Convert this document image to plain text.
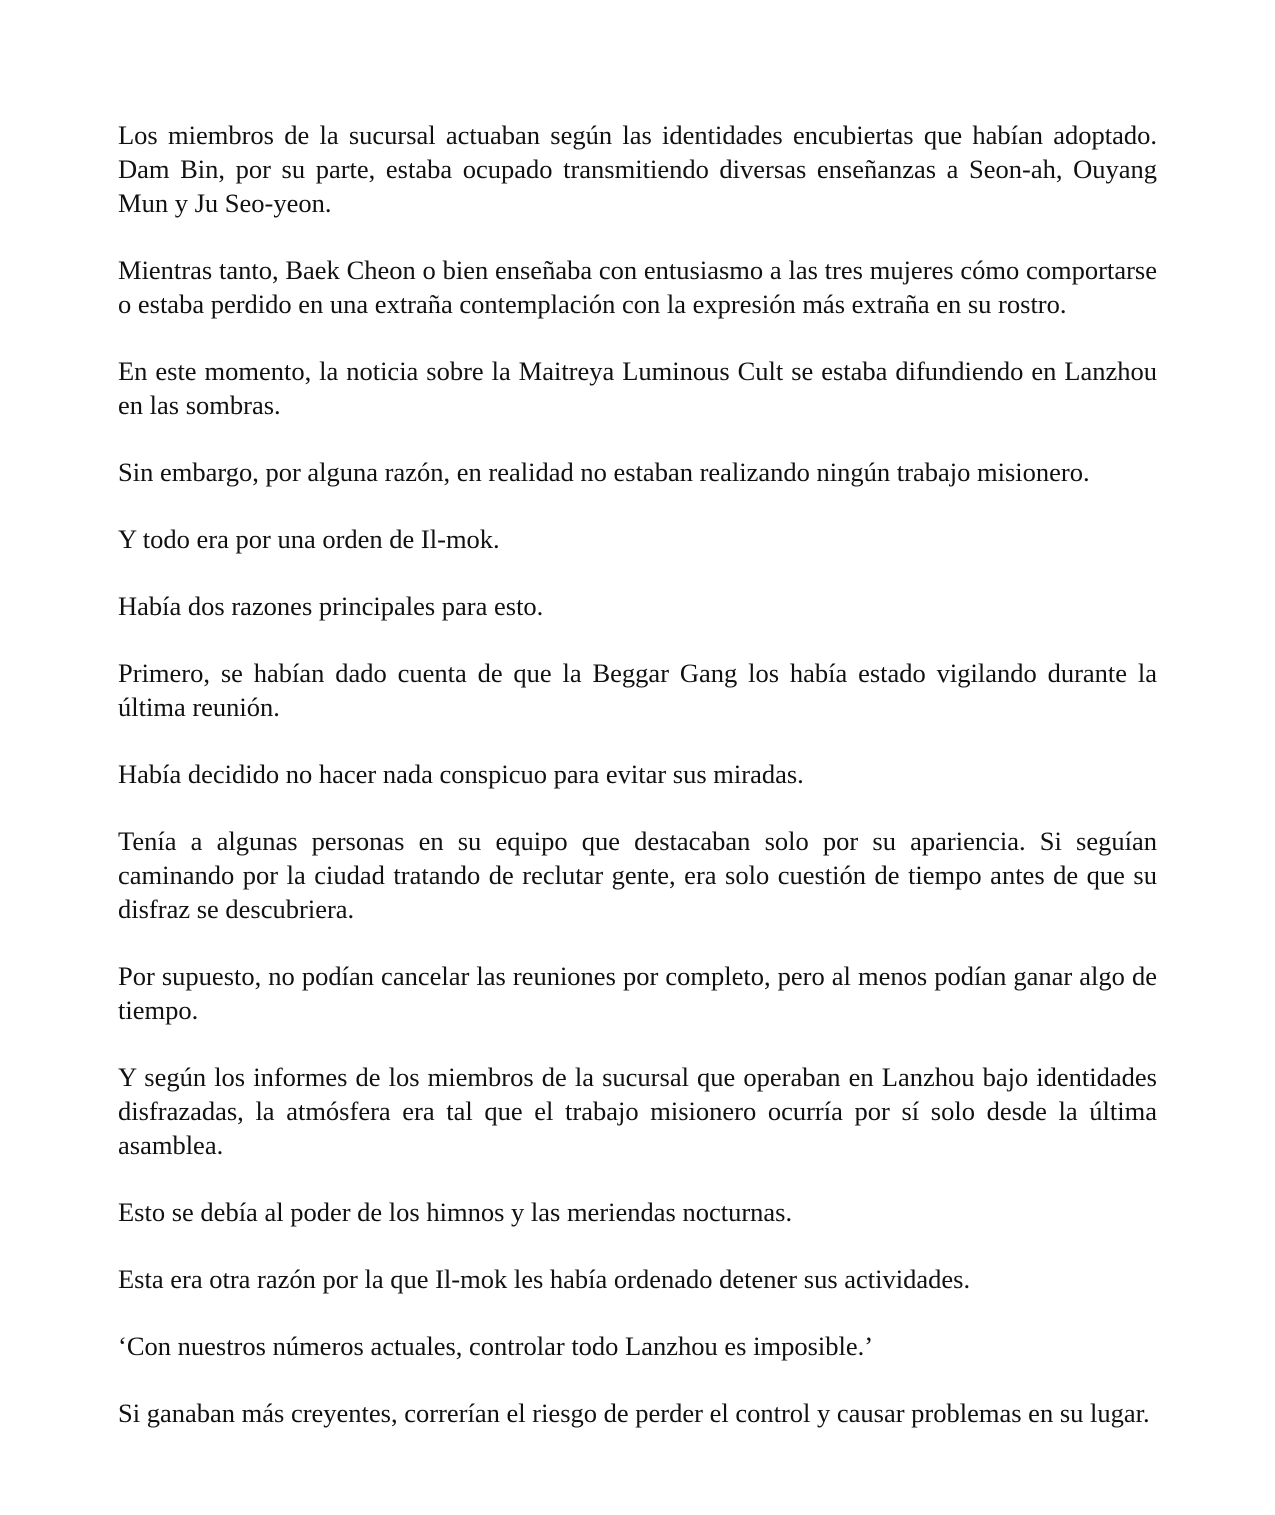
Los miembros de la sucursal actuaban según las identidades encubiertas que habían adoptado. Dam Bin, por su parte, estaba ocupado transmitiendo diversas enseñanzas a Seon-ah, Ouyang Mun y Ju Seo-yeon.

Mientras tanto, Baek Cheon o bien enseñaba con entusiasmo a las tres mujeres cómo comportarse o estaba perdido en una extraña contemplación con la expresión más extraña en su rostro.

En este momento, la noticia sobre la Maitreya Luminous Cult se estaba difundiendo en Lanzhou en las sombras.

Sin embargo, por alguna razón, en realidad no estaban realizando ningún trabajo misionero.

Y todo era por una orden de Il-mok.

Había dos razones principales para esto.

Primero, se habían dado cuenta de que la Beggar Gang los había estado vigilando durante la última reunión.

Había decidido no hacer nada conspicuo para evitar sus miradas.

Tenía a algunas personas en su equipo que destacaban solo por su apariencia. Si seguían caminando por la ciudad tratando de reclutar gente, era solo cuestión de tiempo antes de que su disfraz se descubriera.

Por supuesto, no podían cancelar las reuniones por completo, pero al menos podían ganar algo de tiempo.

Y según los informes de los miembros de la sucursal que operaban en Lanzhou bajo identidades disfrazadas, la atmósfera era tal que el trabajo misionero ocurría por sí solo desde la última asamblea.

Esto se debía al poder de los himnos y las meriendas nocturnas.

Esta era otra razón por la que Il-mok les había ordenado detener sus actividades.

‘Con nuestros números actuales, controlar todo Lanzhou es imposible.’

Si ganaban más creyentes, correrían el riesgo de perder el control y causar problemas en su lugar.
